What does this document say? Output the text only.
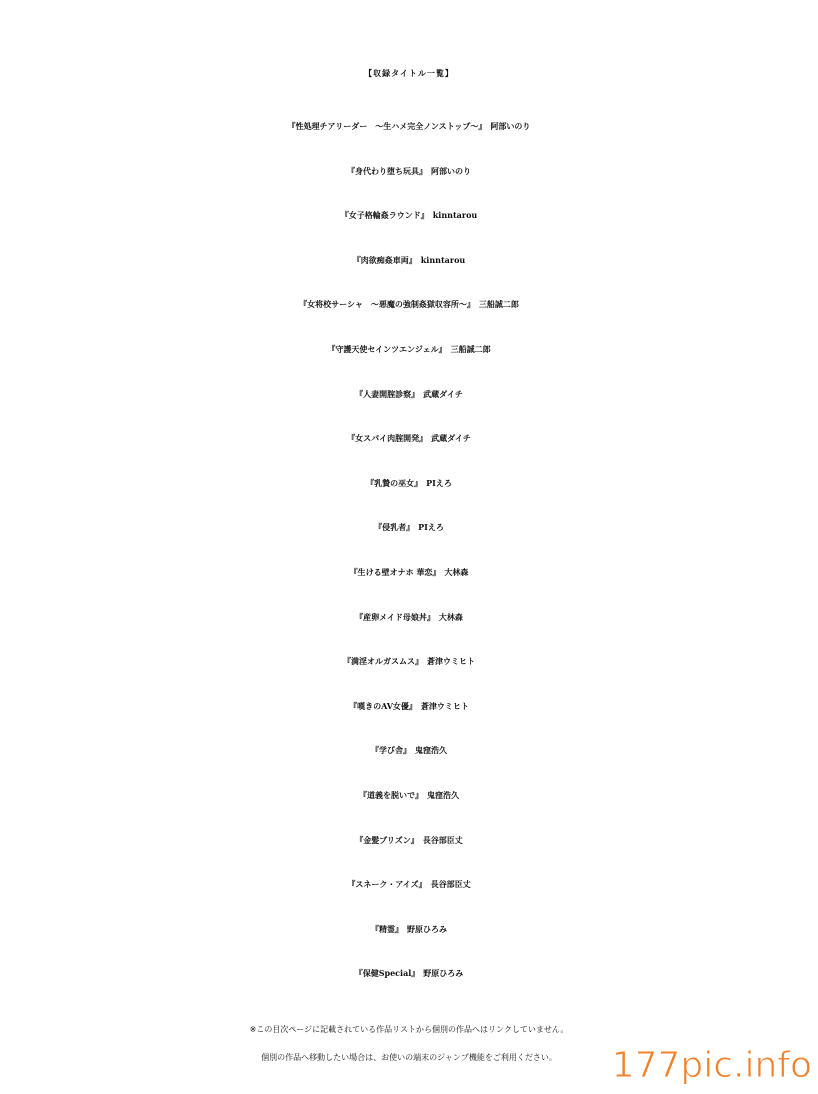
【収録タイトル一覧】
『性処理チアリーダー　〜生ハメ完全ノンストップ〜』 阿部いのり
『身代わり堕ち玩具』 阿部いのり
『女子格輪姦ラウンド』 kinntarou
『肉欲痴姦車両』 kinntarou
『女将校サーシャ　〜悪魔の強制姦獄収容所〜』 三船誠二郎
『守護天使セインツエンジェル』 三船誠二郎
『人妻開腟診察』 武蔵ダイチ
『女スパイ肉腟開発』 武蔵ダイチ
『乳贄の巫女』 PIえろ
『侵乳者』 PIえろ
『生ける壁オナホ 華恋』 大林森
『産卵メイド母娘丼』 大林森
『満淫オルガスムス』 蒼津ウミヒト
『嘆きのAV女優』 蒼津ウミヒト
『学び舎』 鬼窪浩久
『道義を脱いで』 鬼窪浩久
『金髪プリズン』 長谷部臣丈
『スネーク・アイズ』 長谷部臣丈
『精霊』 野原ひろみ
『保健Special』 野原ひろみ
※この目次ページに記載されている作品リストから個別の作品へはリンクしていません。
個別の作品へ移動したい場合は、お使いの端末のジャンプ機能をご利用ください。	177pic.info
